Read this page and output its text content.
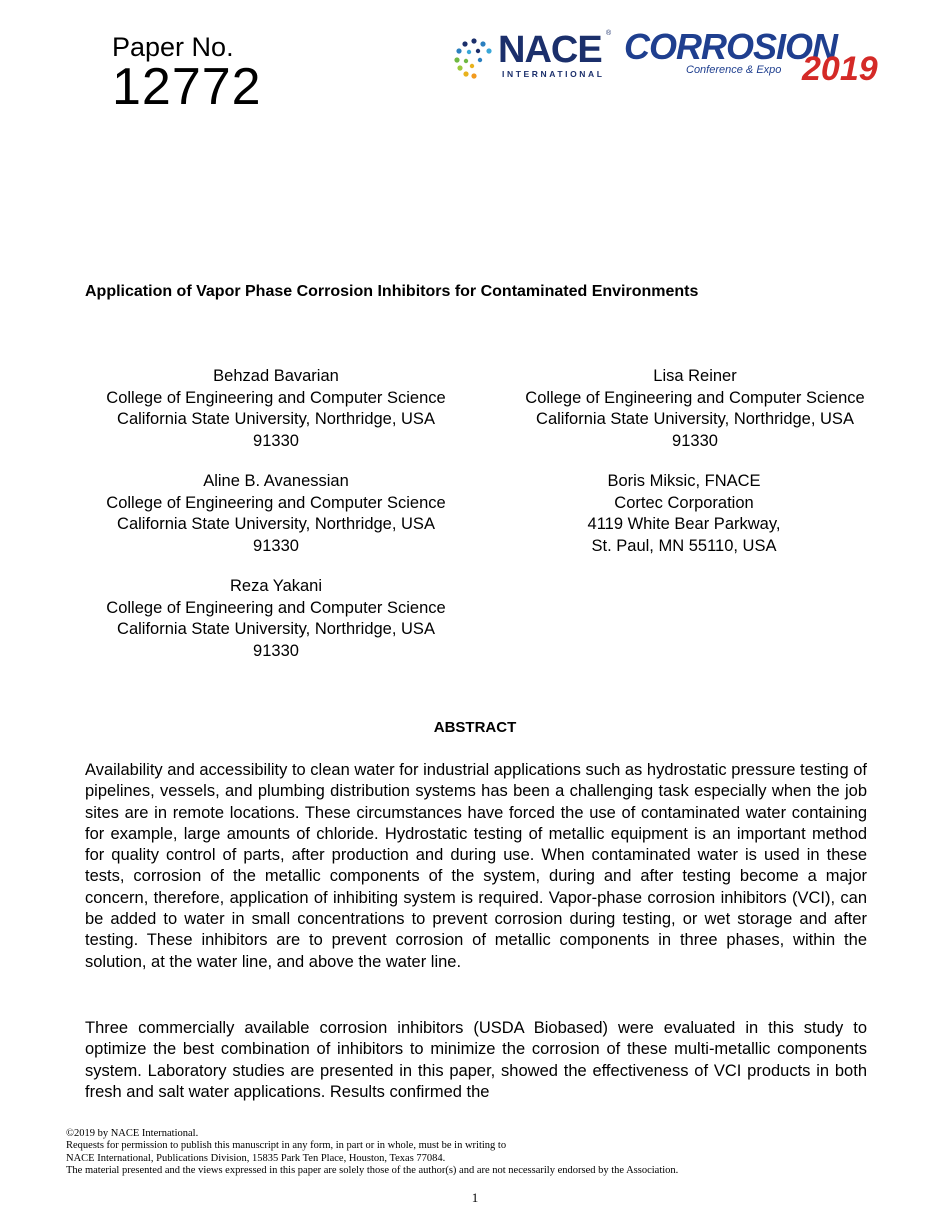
Paper No.
12772
NACE ®
INTERNATIONAL
CORROSION
Conference & Expo 2019
Application of Vapor Phase Corrosion Inhibitors for Contaminated Environments
Behzad Bavarian
College of Engineering and Computer Science
California State University, Northridge, USA
91330
Lisa Reiner
College of Engineering and Computer Science
California State University, Northridge, USA
91330
Aline B. Avanessian
College of Engineering and Computer Science
California State University, Northridge, USA
91330
Boris Miksic, FNACE
Cortec Corporation
4119 White Bear Parkway,
St. Paul, MN 55110, USA
Reza Yakani
College of Engineering and Computer Science
California State University, Northridge, USA
91330
ABSTRACT

Availability and accessibility to clean water for industrial applications such as hydrostatic pressure testing of pipelines, vessels, and plumbing distribution systems has been a challenging task especially when the job sites are in remote locations. These circumstances have forced the use of contaminated water containing for example, large amounts of chloride. Hydrostatic testing of metallic equipment is an important method for quality control of parts, after production and during use. When contaminated water is used in these tests, corrosion of the metallic components of the system, during and after testing become a major concern, therefore, application of inhibiting system is required. Vapor-phase corrosion inhibitors (VCI), can be added to water in small concentrations to prevent corrosion during testing, or wet storage and after testing. These inhibitors are to prevent corrosion of metallic components in three phases, within the solution, at the water line, and above the water line.

Three commercially available corrosion inhibitors (USDA Biobased) were evaluated in this study to optimize the best combination of inhibitors to minimize the corrosion of these multi-metallic components system. Laboratory studies are presented in this paper, showed the effectiveness of VCI products in both fresh and salt water applications. Results confirmed the

©2019 by NACE International.
Requests for permission to publish this manuscript in any form, in part or in whole, must be in writing to
NACE International, Publications Division, 15835 Park Ten Place, Houston, Texas 77084.
The material presented and the views expressed in this paper are solely those of the author(s) and are not necessarily endorsed by the Association.
1
